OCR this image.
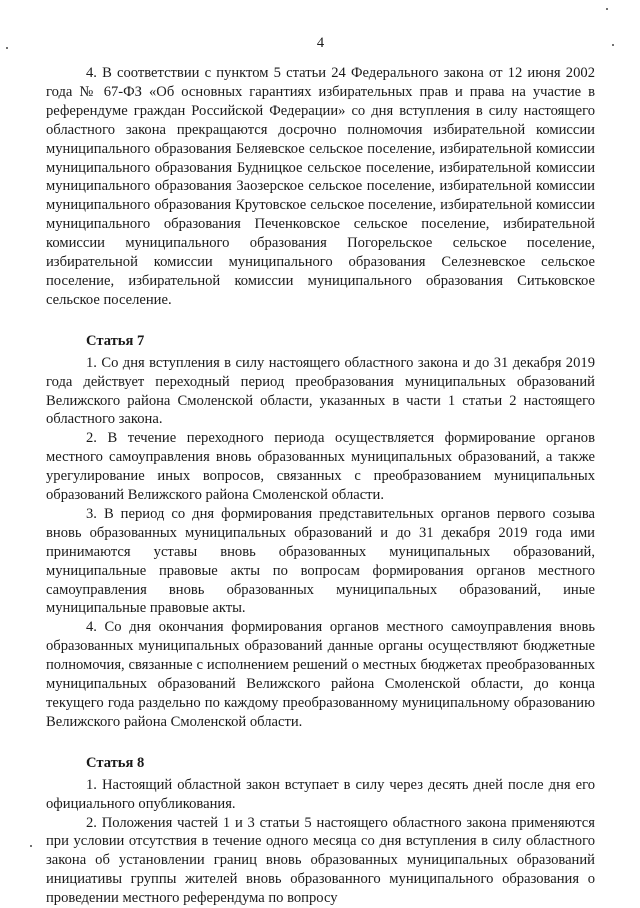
4

4. В соответствии с пунктом 5 статьи 24 Федерального закона от 12 июня 2002 года № 67-ФЗ «Об основных гарантиях избирательных прав и права на участие в референдуме граждан Российской Федерации» со дня вступления в силу настоящего областного закона прекращаются досрочно полномочия избирательной комиссии муниципального образования Беляевское сельское поселение, избирательной комиссии муниципального образования Будницкое сельское поселение, избирательной комиссии муниципального образования Заозерское сельское поселение, избирательной комиссии муниципального образования Крутовское сельское поселение, избирательной комиссии муниципального образования Печенковское сельское поселение, избирательной комиссии муниципального образования Погорельское сельское поселение, избирательной комиссии муниципального образования Селезневское сельское поселение, избирательной комиссии муниципального образования Ситьковское сельское поселение.

Статья 7

1. Со дня вступления в силу настоящего областного закона и до 31 декабря 2019 года действует переходный период преобразования муниципальных образований Велижского района Смоленской области, указанных в части 1 статьи 2 настоящего областного закона.

2. В течение переходного периода осуществляется формирование органов местного самоуправления вновь образованных муниципальных образований, а также урегулирование иных вопросов, связанных с преобразованием муниципальных образований Велижского района Смоленской области.

3. В период со дня формирования представительных органов первого созыва вновь образованных муниципальных образований и до 31 декабря 2019 года ими принимаются уставы вновь образованных муниципальных образований, муниципальные правовые акты по вопросам формирования органов местного самоуправления вновь образованных муниципальных образований, иные муниципальные правовые акты.

4. Со дня окончания формирования органов местного самоуправления вновь образованных муниципальных образований данные органы осуществляют бюджетные полномочия, связанные с исполнением решений о местных бюджетах преобразованных муниципальных образований Велижского района Смоленской области, до конца текущего года раздельно по каждому преобразованному муниципальному образованию Велижского района Смоленской области.

Статья 8

1. Настоящий областной закон вступает в силу через десять дней после дня его официального опубликования.

2. Положения частей 1 и 3 статьи 5 настоящего областного закона применяются при условии отсутствия в течение одного месяца со дня вступления в силу областного закона об установлении границ вновь образованных муниципальных образований инициативы группы жителей вновь образованного муниципального образования о проведении местного референдума по вопросу
